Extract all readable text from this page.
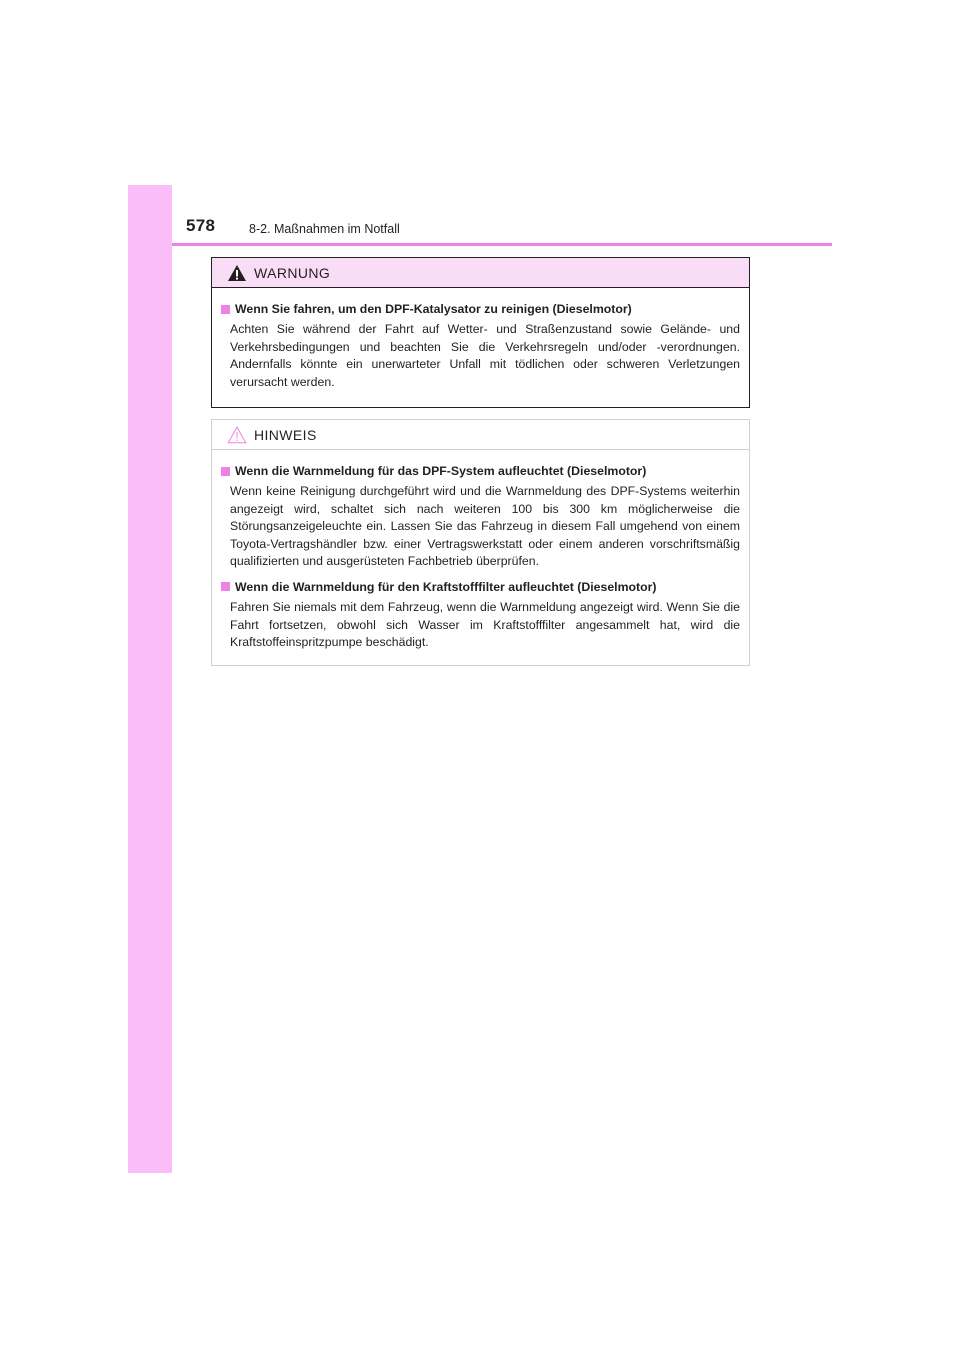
578	8-2. Maßnahmen im Notfall
WARNUNG
Wenn Sie fahren, um den DPF-Katalysator zu reinigen (Dieselmotor)
Achten Sie während der Fahrt auf Wetter- und Straßenzustand sowie Gelände- und Verkehrsbedingungen und beachten Sie die Verkehrsregeln und/oder -verordnungen. Andernfalls könnte ein unerwarteter Unfall mit tödlichen oder schweren Verletzungen verursacht werden.
HINWEIS
Wenn die Warnmeldung für das DPF-System aufleuchtet (Dieselmotor)
Wenn keine Reinigung durchgeführt wird und die Warnmeldung des DPF-Systems weiterhin angezeigt wird, schaltet sich nach weiteren 100 bis 300 km möglicherweise die Störungsanzeigeleuchte ein. Lassen Sie das Fahrzeug in diesem Fall umgehend von einem Toyota-Vertragshändler bzw. einer Vertragswerkstatt oder einem anderen vorschriftsmäßig qualifizierten und ausgerüsteten Fachbetrieb überprüfen.
Wenn die Warnmeldung für den Kraftstofffilter aufleuchtet (Dieselmotor)
Fahren Sie niemals mit dem Fahrzeug, wenn die Warnmeldung angezeigt wird. Wenn Sie die Fahrt fortsetzen, obwohl sich Wasser im Kraftstofffilter angesammelt hat, wird die Kraftstoffeinspritzpumpe beschädigt.
